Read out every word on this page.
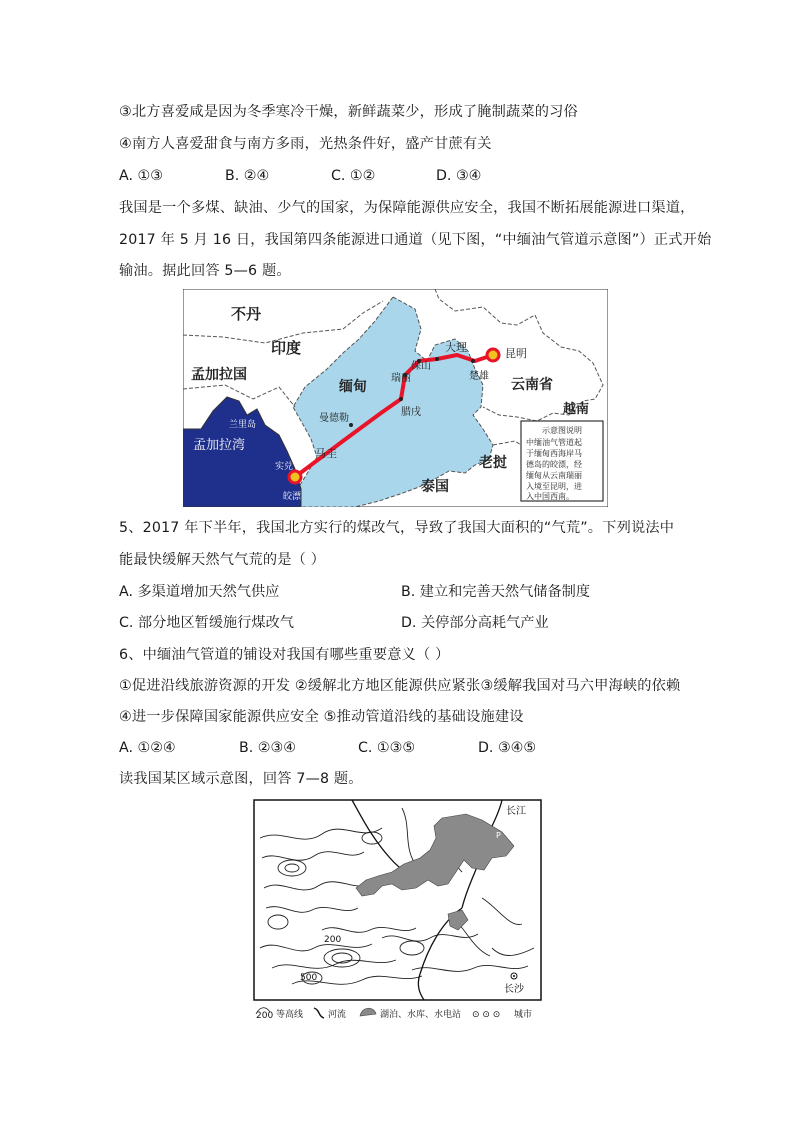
③北方喜爱咸是因为冬季寒冷干燥，新鲜蔬菜少，形成了腌制蔬菜的习俗
④南方人喜爱甜食与南方多雨，光热条件好，盛产甘蔗有关
A. ①③	B. ②④	C. ①②	D. ③④
我国是一个多煤、缺油、少气的国家，为保障能源供应安全，我国不断拓展能源进口渠道，
2017 年 5 月 16 日，我国第四条能源进口通道（见下图，“中缅油气管道示意图”）正式开始
输油。据此回答 5—6 题。
不丹
印度
孟加拉国
缅甸
孟加拉湾
老挝
泰国
越南
云南省
昆明
大理
保山
瑞丽	楚雄
曼德勒
腊戌
马圭
皎漂
实兑
兰里岛
示意图说明
中缅油气管道起
于缅甸西海岸马
德岛的皎漂，经
缅甸从云南瑞丽
入境至昆明，进
入中国西南。
5、2017 年下半年，我国北方实行的煤改气，导致了我国大面积的“气荒”。下列说法中
能最快缓解天然气气荒的是（ ）
A. 多渠道增加天然气供应	B. 建立和完善天然气储备制度
C. 部分地区暂缓施行煤改气	D. 关停部分高耗气产业
6、中缅油气管道的铺设对我国有哪些重要意义（ ）
①促进沿线旅游资源的开发 ②缓解北方地区能源供应紧张③缓解我国对马六甲海峡的依赖
④进一步保障国家能源供应安全 ⑤推动管道沿线的基础设施建设
A. ①②④	B. ②③④	C. ①③⑤	D. ③④⑤
读我国某区域示意图，回答 7—8 题。
长江
P
长沙
200
500
200 等高线	河流	湖泊、水库、水电站 ⊙ ⊙ ⊙ 城市
